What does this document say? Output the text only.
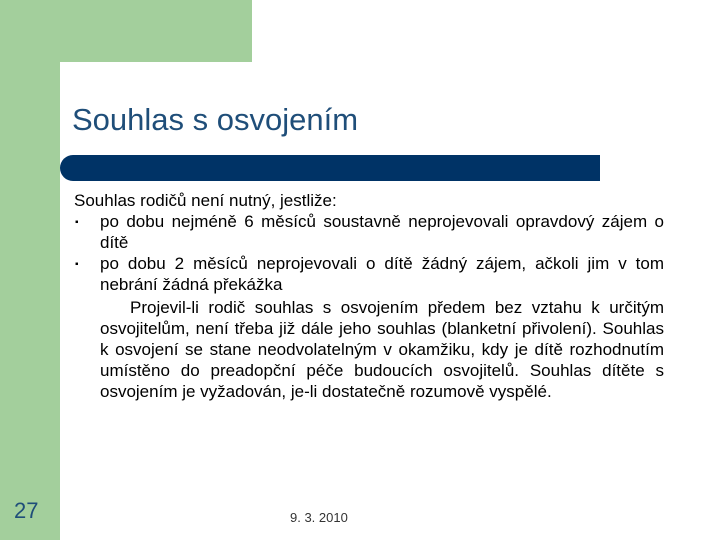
Souhlas s osvojením

Souhlas rodičů není nutný, jestliže:

▪ po dobu nejméně 6 měsíců soustavně neprojevovali opravdový zájem o dítě
▪ po dobu 2 měsíců neprojevovali o dítě žádný zájem, ačkoli jim v tom nebrání žádná překážka

Projevil-li rodič souhlas s osvojením předem bez vztahu k určitým osvojitelům, není třeba již dále jeho souhlas (blanketní přivolení). Souhlas k osvojení se stane neodvolatelným v okamžiku, kdy je dítě rozhodnutím umístěno do preadopční péče budoucích osvojitelů. Souhlas dítěte s osvojením je vyžadován, je-li dostatečně rozumově vyspělé.

27	9. 3. 2010
